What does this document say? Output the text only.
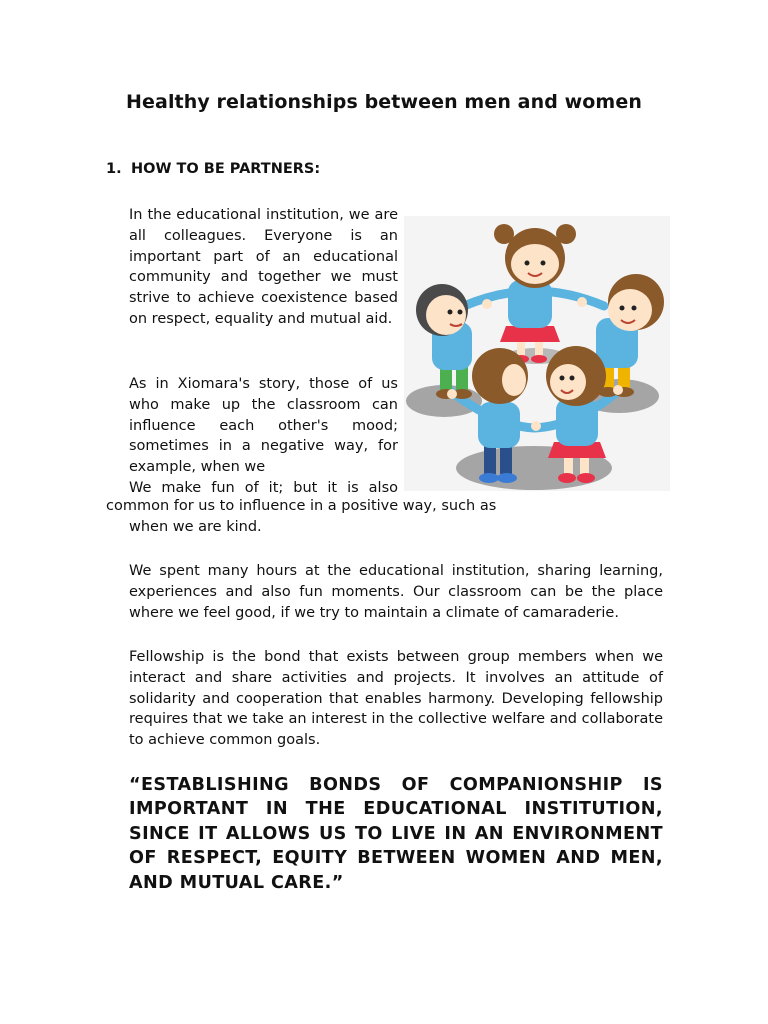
Healthy relationships between men and women
1. HOW TO BE PARTNERS:

In the educational institution, we are all colleagues. Everyone is an important part of an educational community and together we must strive to achieve coexistence based on respect, equality and mutual aid.

As in Xiomara's story, those of us who make up the classroom can influence each other's mood; sometimes in a negative way, for example, when we

We make fun of it; but it is also
common for us to influence in a positive way, such as
when we are kind.

We spent many hours at the educational institution, sharing learning, experiences and also fun moments. Our classroom can be the place where we feel good, if we try to maintain a climate of camaraderie.

Fellowship is the bond that exists between group members when we interact and share activities and projects. It involves an attitude of solidarity and cooperation that enables harmony. Developing fellowship requires that we take an interest in the collective welfare and collaborate to achieve common goals.

“ESTABLISHING BONDS OF COMPANIONSHIP IS IMPORTANT IN THE EDUCATIONAL INSTITUTION, SINCE IT ALLOWS US TO LIVE IN AN ENVIRONMENT OF RESPECT, EQUITY BETWEEN WOMEN AND MEN, AND MUTUAL CARE.”
